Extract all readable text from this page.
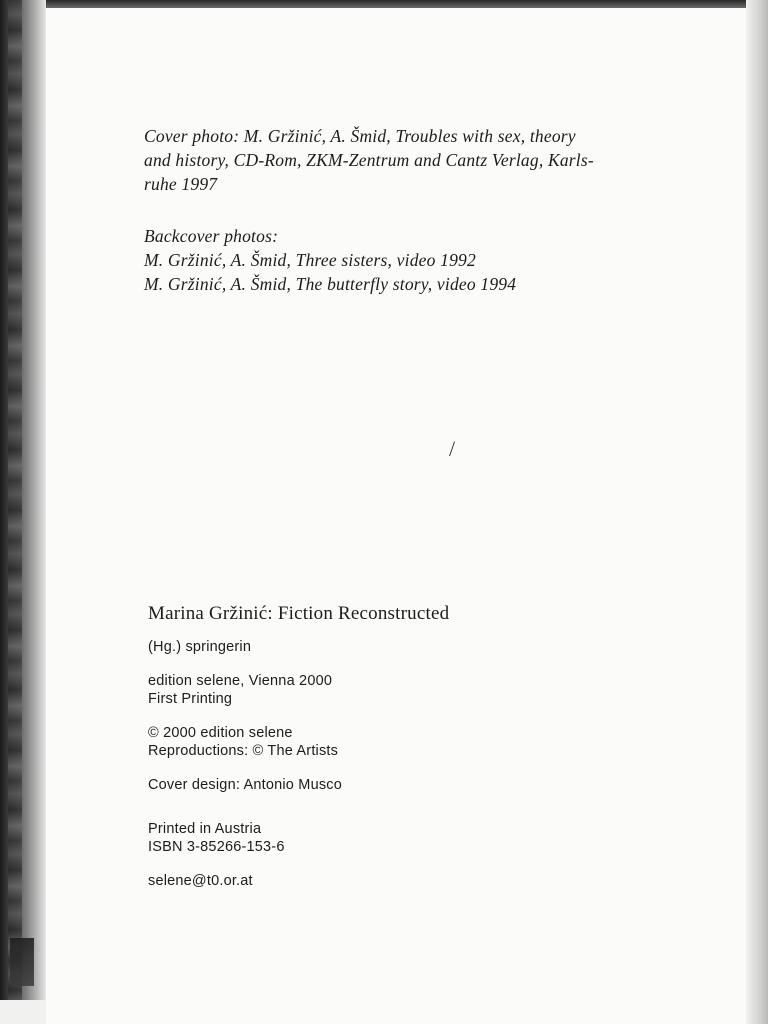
Cover photo: M. Gržinić, A. Šmid, Troubles with sex, theory

and history, CD-Rom, ZKM-Zentrum and Cantz Verlag, Karls-

ruhe 1997

Backcover photos:

M. Gržinić, A. Šmid, Three sisters, video 1992

M. Gržinić, A. Šmid, The butterfly story, video 1994

/

Marina Gržinić: Fiction Reconstructed

(Hg.) springerin
edition selene, Vienna 2000
First Printing
© 2000 edition selene
Reproductions: © The Artists
Cover design: Antonio Musco
Printed in Austria
ISBN 3-85266-153-6
selene@t0.or.at
